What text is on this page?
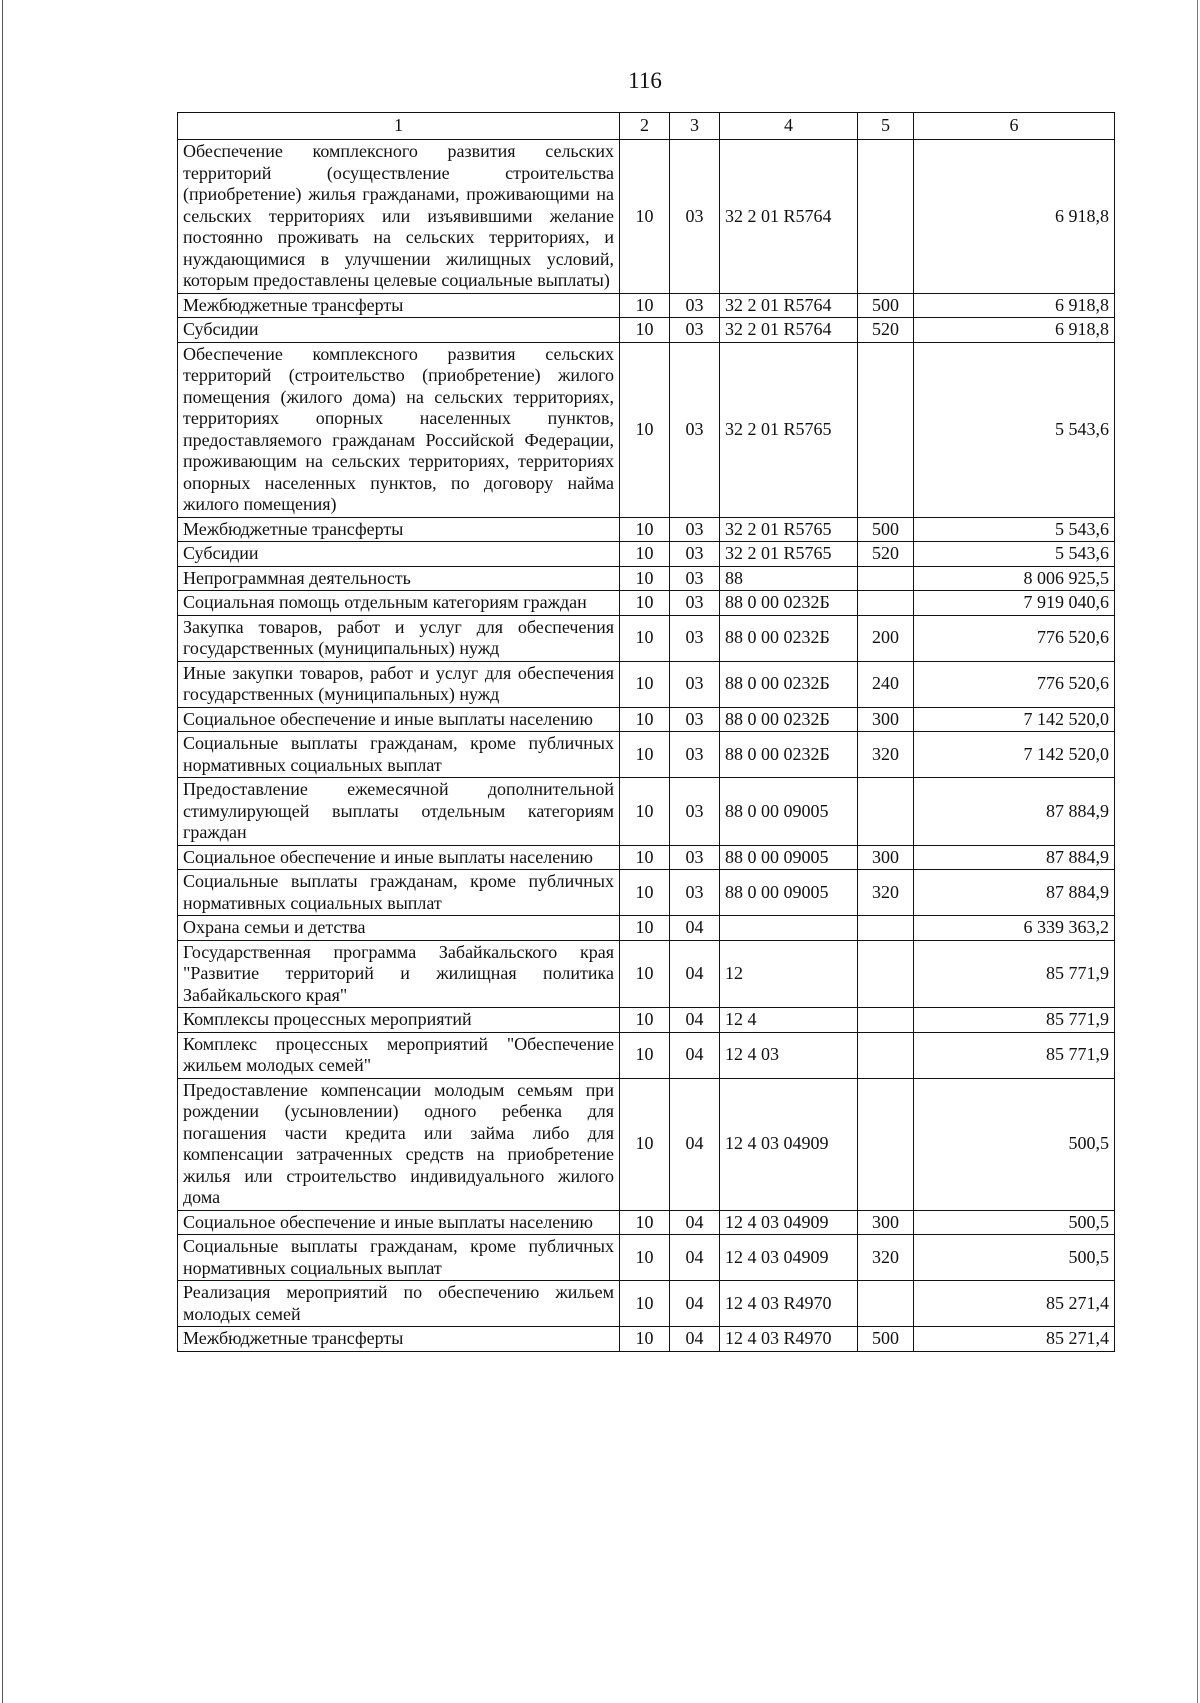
116
1	2	3	4	5	6
Обеспечение комплексного развития сельских территорий (осуществление строительства (приобретение) жилья гражданами, проживающими на сельских территориях или изъявившими желание постоянно проживать на сельских территориях, и нуждающимися в улучшении жилищных условий, которым предоставлены целевые социальные выплаты)	10	03	32 2 01 R5764		6 918,8
Межбюджетные трансферты	10	03	32 2 01 R5764	500	6 918,8
Субсидии	10	03	32 2 01 R5764	520	6 918,8
Обеспечение комплексного развития сельских территорий (строительство (приобретение) жилого помещения (жилого дома) на сельских территориях, территориях опорных населенных пунктов, предоставляемого гражданам Российской Федерации, проживающим на сельских территориях, территориях опорных населенных пунктов, по договору найма жилого помещения)	10	03	32 2 01 R5765		5 543,6
Межбюджетные трансферты	10	03	32 2 01 R5765	500	5 543,6
Субсидии	10	03	32 2 01 R5765	520	5 543,6
Непрограммная деятельность	10	03	88		8 006 925,5
Социальная помощь отдельным категориям граждан	10	03	88 0 00 0232Б		7 919 040,6
Закупка товаров, работ и услуг для обеспечения государственных (муниципальных) нужд	10	03	88 0 00 0232Б	200	776 520,6
Иные закупки товаров, работ и услуг для обеспечения государственных (муниципальных) нужд	10	03	88 0 00 0232Б	240	776 520,6
Социальное обеспечение и иные выплаты населению	10	03	88 0 00 0232Б	300	7 142 520,0
Социальные выплаты гражданам, кроме публичных нормативных социальных выплат	10	03	88 0 00 0232Б	320	7 142 520,0
Предоставление ежемесячной дополнительной стимулирующей выплаты отдельным категориям граждан	10	03	88 0 00 09005		87 884,9
Социальное обеспечение и иные выплаты населению	10	03	88 0 00 09005	300	87 884,9
Социальные выплаты гражданам, кроме публичных нормативных социальных выплат	10	03	88 0 00 09005	320	87 884,9
Охрана семьи и детства	10	04			6 339 363,2
Государственная программа Забайкальского края "Развитие территорий и жилищная политика Забайкальского края"	10	04	12		85 771,9
Комплексы процессных мероприятий	10	04	12 4		85 771,9
Комплекс процессных мероприятий "Обеспечение жильем молодых семей"	10	04	12 4 03		85 771,9
Предоставление компенсации молодым семьям при рождении (усыновлении) одного ребенка для погашения части кредита или займа либо для компенсации затраченных средств на приобретение жилья или строительство индивидуального жилого дома	10	04	12 4 03 04909		500,5
Социальное обеспечение и иные выплаты населению	10	04	12 4 03 04909	300	500,5
Социальные выплаты гражданам, кроме публичных нормативных социальных выплат	10	04	12 4 03 04909	320	500,5
Реализация мероприятий по обеспечению жильем молодых семей	10	04	12 4 03 R4970		85 271,4
Межбюджетные трансферты	10	04	12 4 03 R4970	500	85 271,4
